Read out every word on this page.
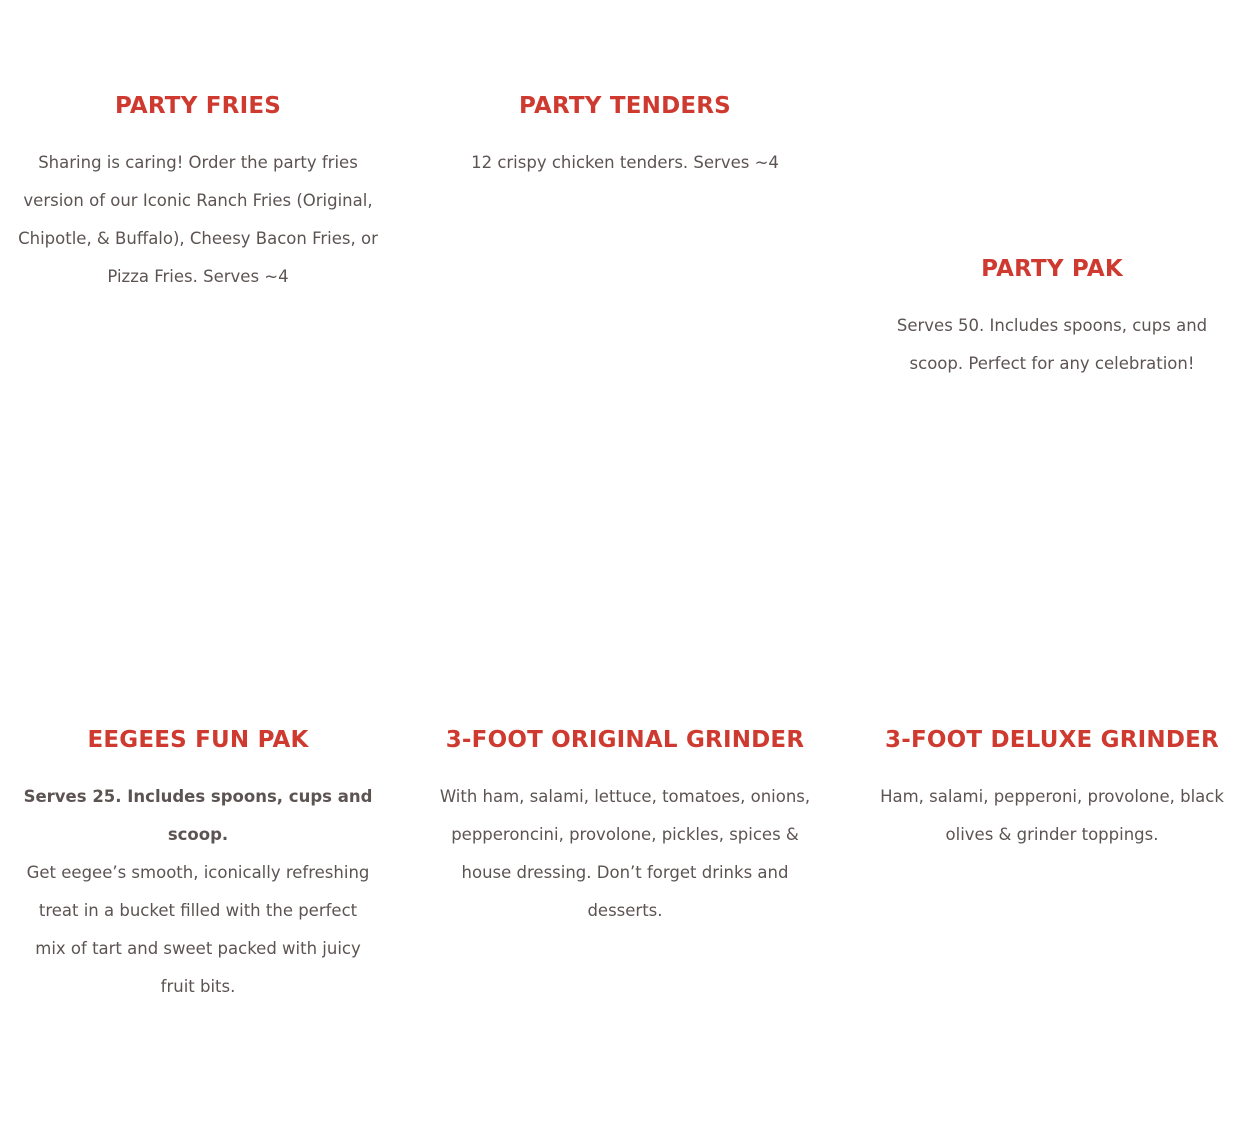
PARTY FRIES

Sharing is caring! Order the party fries version of our Iconic Ranch Fries (Original, Chipotle, & Buffalo), Cheesy Bacon Fries, or Pizza Fries. Serves ~4

PARTY TENDERS

12 crispy chicken tenders. Serves ~4

PARTY PAK

Serves 50. Includes spoons, cups and scoop. Perfect for any celebration!

EEGEES FUN PAK

Serves 25. Includes spoons, cups and scoop.

Get eegee’s smooth, iconically refreshing treat in a bucket filled with the perfect mix of tart and sweet packed with juicy fruit bits.

3-FOOT ORIGINAL GRINDER

With ham, salami, lettuce, tomatoes, onions, pepperoncini, provolone, pickles, spices & house dressing. Don’t forget drinks and desserts.

3-FOOT DELUXE GRINDER

Ham, salami, pepperoni, provolone, black olives & grinder toppings.
